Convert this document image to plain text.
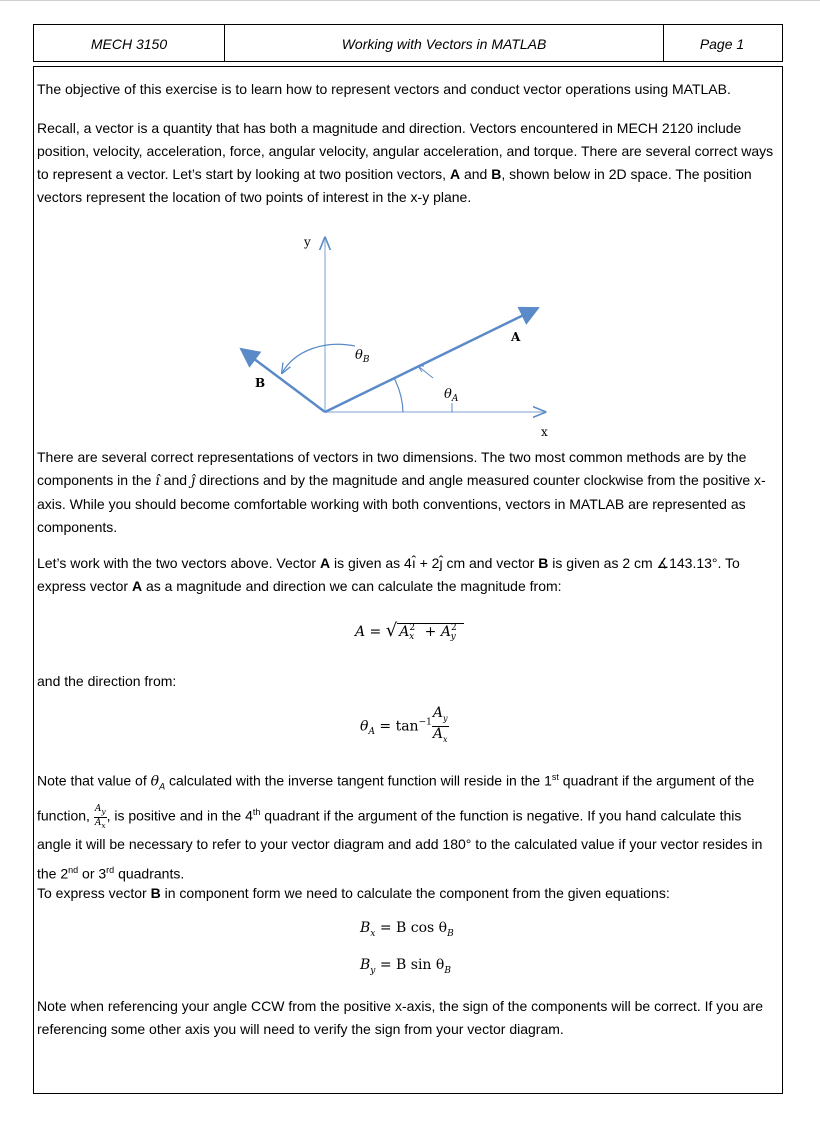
MECH 3150	Working with Vectors in MATLAB	Page 1

The objective of this exercise is to learn how to represent vectors and conduct vector operations using MATLAB.

Recall, a vector is a quantity that has both a magnitude and direction. Vectors encountered in MECH 2120 include position, velocity, acceleration, force, angular velocity, angular acceleration, and torque. There are several correct ways to represent a vector. Let’s start by looking at two position vectors, A and B, shown below in 2D space. The position vectors represent the location of two points of interest in the x-y plane.

y
x
A
B
$\theta_A$
$\theta_B$

There are several correct representations of vectors in two dimensions. The two most common methods are by the components in the ı̂ and ȷ̂ directions and by the magnitude and angle measured counter clockwise from the positive x-axis. While you should become comfortable working with both conventions, vectors in MATLAB are represented as components.

Let’s work with the two vectors above. Vector A is given as 4ı̂ + 2ȷ̂ cm and vector B is given as 2 cm ∡143.13°. To express vector A as a magnitude and direction we can calculate the magnitude from:

A = √ A2x + A2y

and the direction from:

$\theta_A = \tan^{-1} \frac{A_y}{A_x}$

Note that value of $\theta_A$ calculated with the inverse tangent function will reside in the 1st quadrant if the argument of the function, $\frac{A_y}{A_x}$ , is positive and in the 4th quadrant if the argument of the function is negative. If you hand calculate this angle it will be necessary to refer to your vector diagram and add 180° to the calculated value if your vector resides in the 2nd or 3rd quadrants.

To express vector B in component form we need to calculate the component from the given equations:

$B_x = B$ $\cos \theta_B$
$B_y = B$ $\sin \theta_B$

Note when referencing your angle CCW from the positive x-axis, the sign of the components will be correct. If you are referencing some other axis you will need to verify the sign from your vector diagram.
